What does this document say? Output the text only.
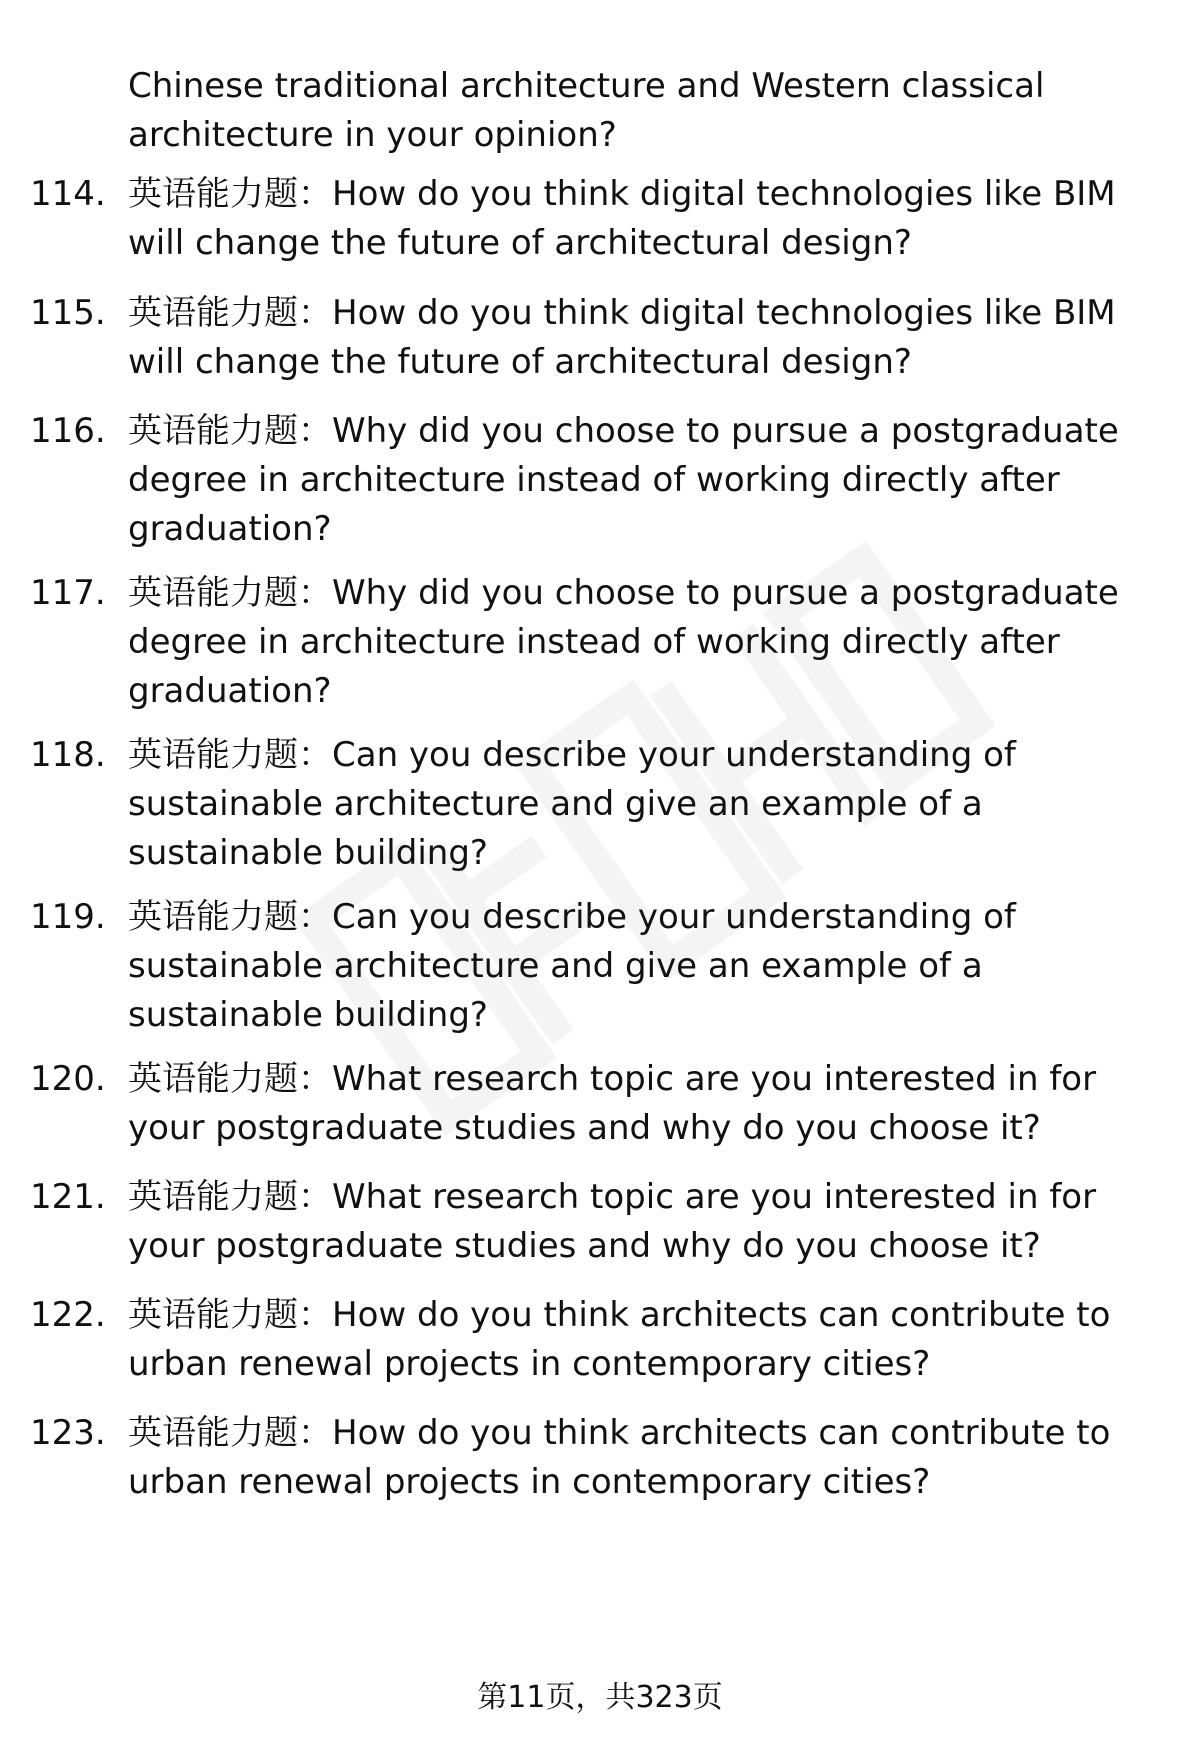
Chinese traditional architecture and Western classical architecture in your opinion?
114. 英语能力题：How do you think digital technologies like BIM will change the future of architectural design?
115. 英语能力题：How do you think digital technologies like BIM will change the future of architectural design?
116. 英语能力题：Why did you choose to pursue a postgraduate degree in architecture instead of working directly after graduation?
117. 英语能力题：Why did you choose to pursue a postgraduate degree in architecture instead of working directly after graduation?
118. 英语能力题：Can you describe your understanding of sustainable architecture and give an example of a sustainable building?
119. 英语能力题：Can you describe your understanding of sustainable architecture and give an example of a sustainable building?
120. 英语能力题：What research topic are you interested in for your postgraduate studies and why do you choose it?
121. 英语能力题：What research topic are you interested in for your postgraduate studies and why do you choose it?
122. 英语能力题：How do you think architects can contribute to urban renewal projects in contemporary cities?
123. 英语能力题：How do you think architects can contribute to urban renewal projects in contemporary cities?
第11页，共323页
